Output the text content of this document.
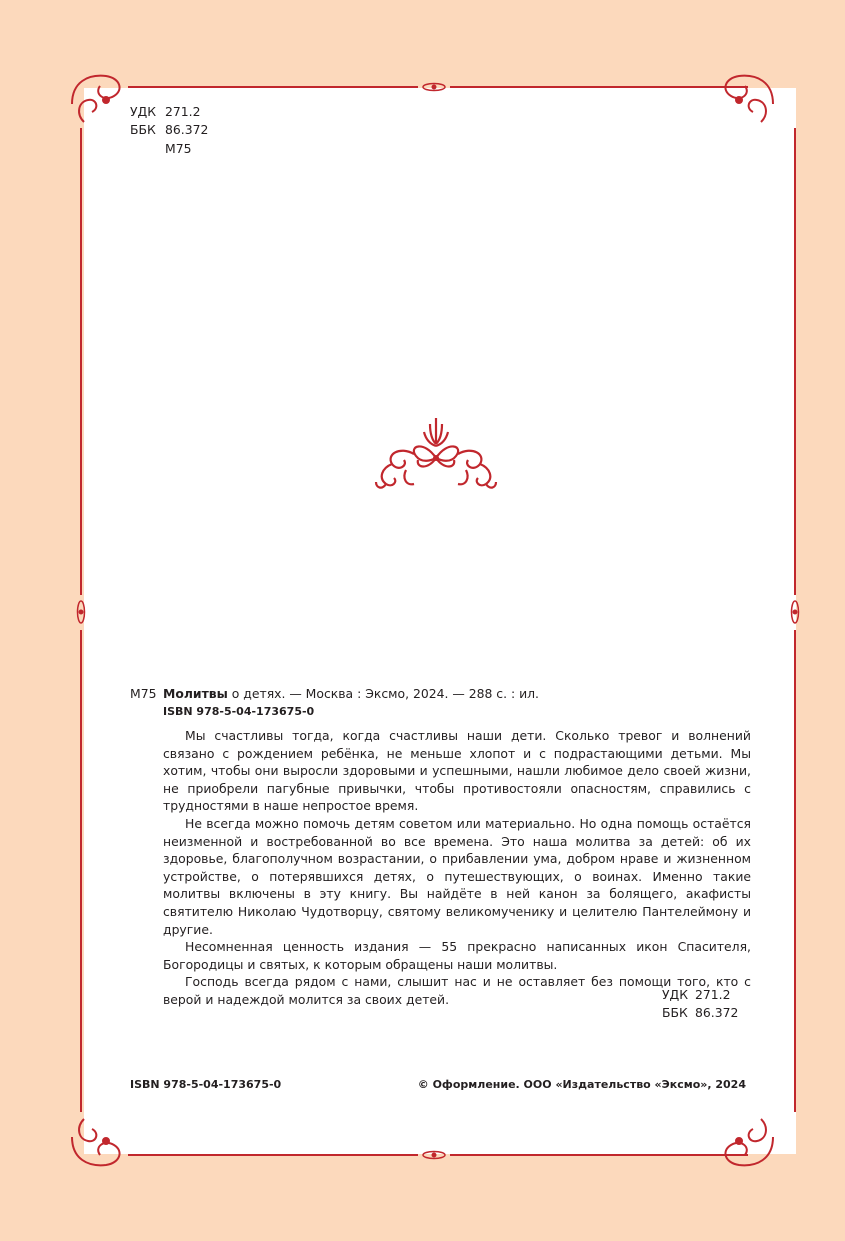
УДК 271.2
ББК 86.372
М75
М75 Молитвы о детях. — Москва : Эксмо, 2024. — 288 с. : ил.
ISBN 978-5-04-173675-0

Мы счастливы тогда, когда счастливы наши дети. Сколько тревог и волнений связано с рождением ребёнка, не меньше хлопот и с подрастающими детьми. Мы хотим, чтобы они выросли здоровыми и успешными, нашли любимое дело своей жизни, не приобрели пагубные привычки, чтобы противостояли опасностям, справились с трудностями в наше непростое время.

Не всегда можно помочь детям советом или материально. Но одна помощь остаётся неизменной и востребованной во все времена. Это наша молитва за детей: об их здоровье, благополучном возрастании, о прибавлении ума, добром нраве и жизненном устройстве, о потерявшихся детях, о путешествующих, о воинах. Именно такие молитвы включены в эту книгу. Вы найдёте в ней канон за болящего, акафисты святителю Николаю Чудотворцу, святому великомученику и целителю Пантелеймону и другие.

Несомненная ценность издания — 55 прекрасно написанных икон Спасителя, Богородицы и святых, к которым обращены наши молитвы.

Господь всегда рядом с нами, слышит нас и не оставляет без помощи того, кто с верой и надеждой молится за своих детей.	УДК 271.2
ББК 86.372
ISBN 978-5-04-173675-0	© Оформление. ООО «Издательство «Эксмо», 2024
